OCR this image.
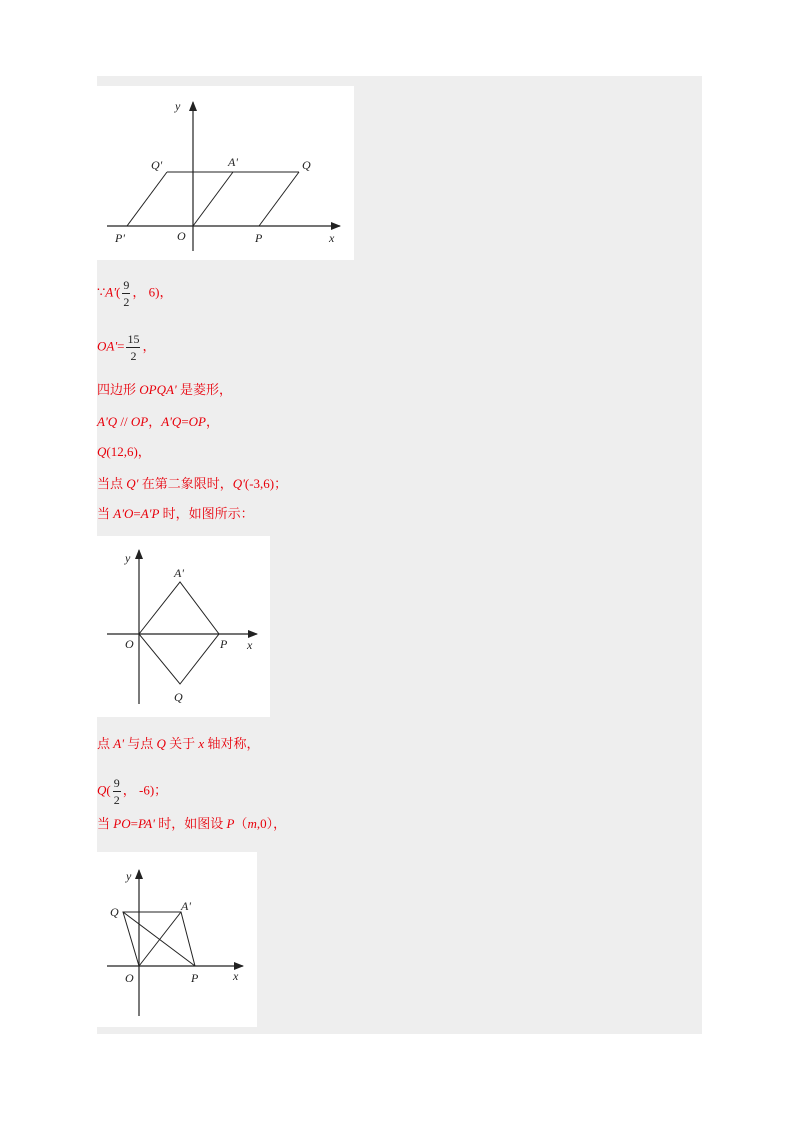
y
Q'	A'	Q
P'	O	P	x
∵A'( $\frac{9}{2}$ ， 6)，
$OA'= \frac{15}{2}$ ，
四边形 OPQA' 是菱形，
A'Q // OP，A'Q=OP，
Q(12,6)，
当点 Q' 在第二象限时，Q'(-3,6)；
当 A'O=A'P 时，如图所示：
y
A'
O	P x
Q
点 A' 与点 Q 关于 x 轴对称，
$Q( \frac{9}{2}$ ， -6)；
当 PO=PA' 时，如图设 P（m,0），
y
Q	A'
O	P	x
